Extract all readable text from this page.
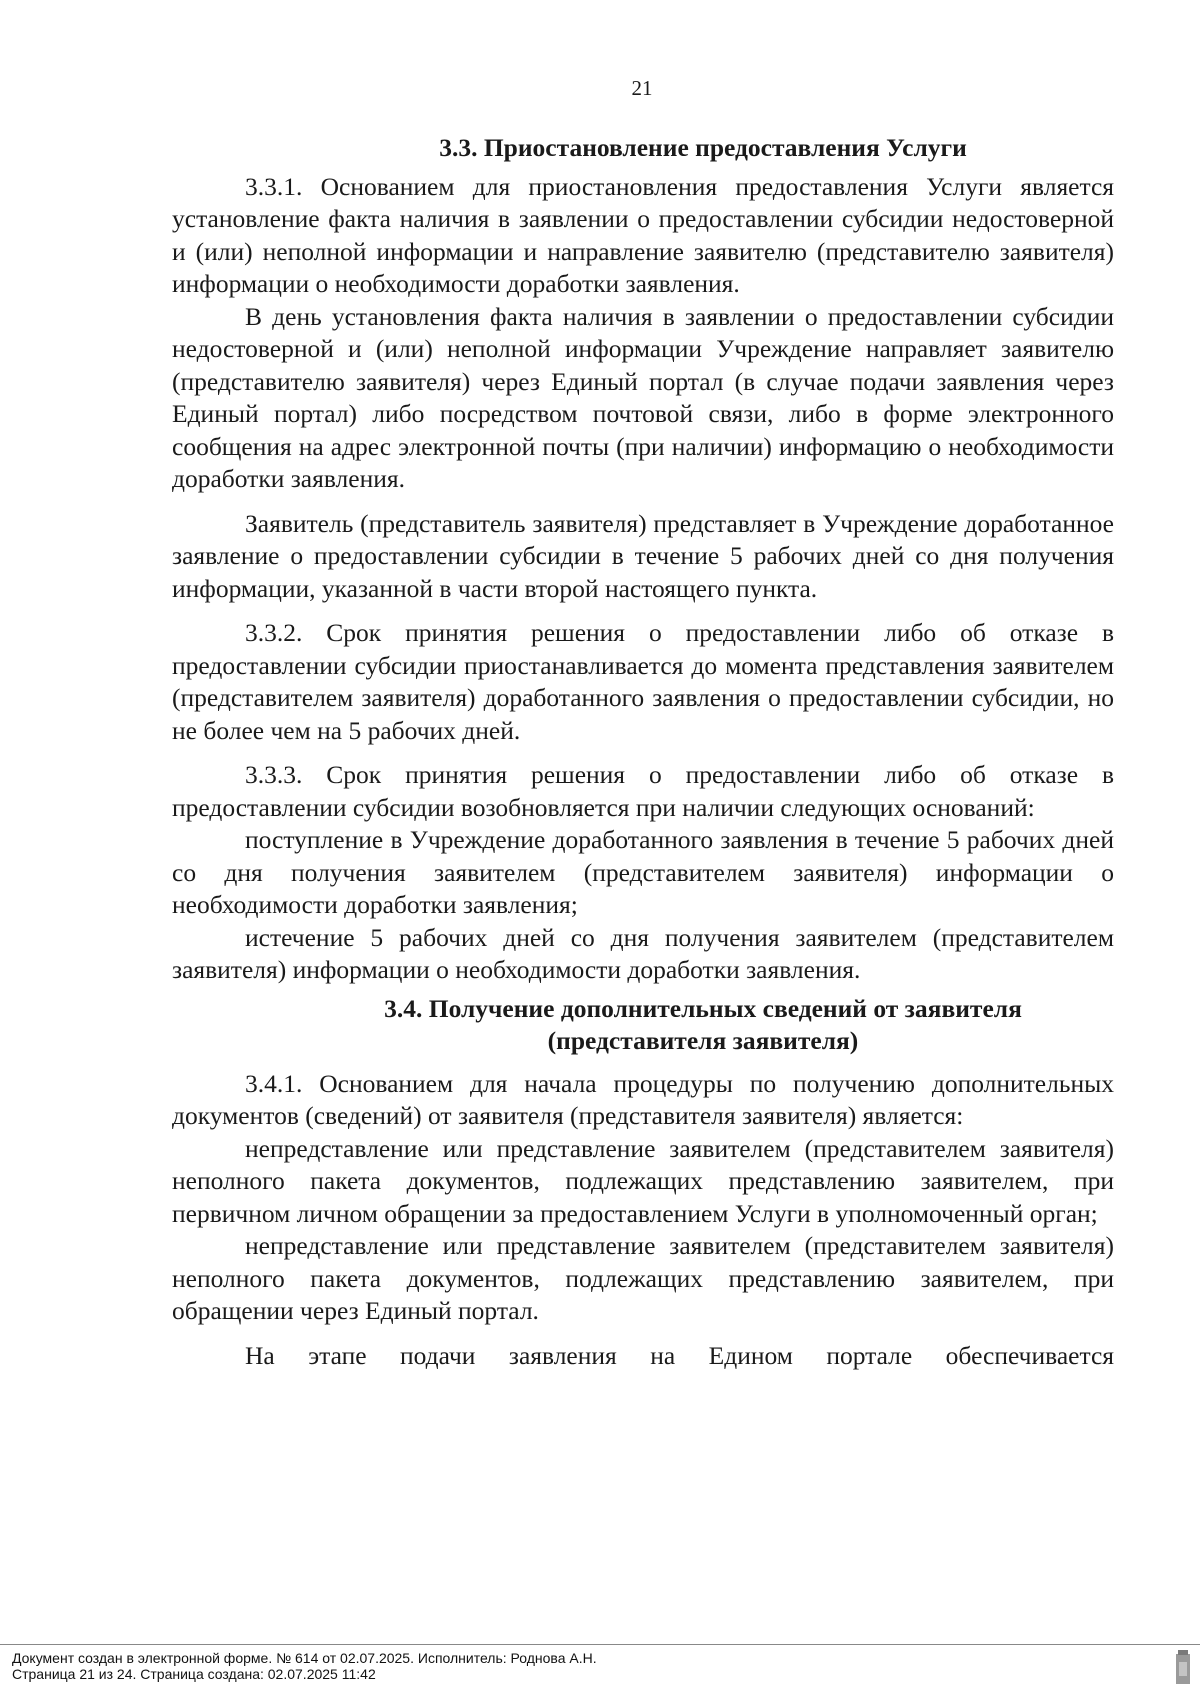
21
3.3. Приостановление предоставления Услуги

3.3.1. Основанием для приостановления предоставления Услуги является установление факта наличия в заявлении о предоставлении субсидии недостоверной и (или) неполной информации и направление заявителю (представителю заявителя) информации о необходимости доработки заявления.

В день установления факта наличия в заявлении о предоставлении субсидии недостоверной и (или) неполной информации Учреждение направляет заявителю (представителю заявителя) через Единый портал (в случае подачи заявления через Единый портал) либо посредством почтовой связи, либо в форме электронного сообщения на адрес электронной почты (при наличии) информацию о необходимости доработки заявления.

Заявитель (представитель заявителя) представляет в Учреждение доработанное заявление о предоставлении субсидии в течение 5 рабочих дней со дня получения информации, указанной в части второй настоящего пункта.

3.3.2. Срок принятия решения о предоставлении либо об отказе в предоставлении субсидии приостанавливается до момента представления заявителем (представителем заявителя) доработанного заявления о предоставлении субсидии, но не более чем на 5 рабочих дней.

3.3.3. Срок принятия решения о предоставлении либо об отказе в предоставлении субсидии возобновляется при наличии следующих оснований:

поступление в Учреждение доработанного заявления в течение 5 рабочих дней со дня получения заявителем (представителем заявителя) информации о необходимости доработки заявления;

истечение 5 рабочих дней со дня получения заявителем (представителем заявителя) информации о необходимости доработки заявления.

3.4. Получение дополнительных сведений от заявителя
(представителя заявителя)

3.4.1. Основанием для начала процедуры по получению дополнительных документов (сведений) от заявителя (представителя заявителя) является:

непредставление или представление заявителем (представителем заявителя) неполного пакета документов, подлежащих представлению заявителем, при первичном личном обращении за предоставлением Услуги в уполномоченный орган;

непредставление или представление заявителем (представителем заявителя) неполного пакета документов, подлежащих представлению заявителем, при обращении через Единый портал.

На этапе подачи заявления на Едином портале обеспечивается

Документ создан в электронной форме. № 614 от 02.07.2025. Исполнитель: Роднова А.Н.
Страница 21 из 24. Страница создана: 02.07.2025 11:42
